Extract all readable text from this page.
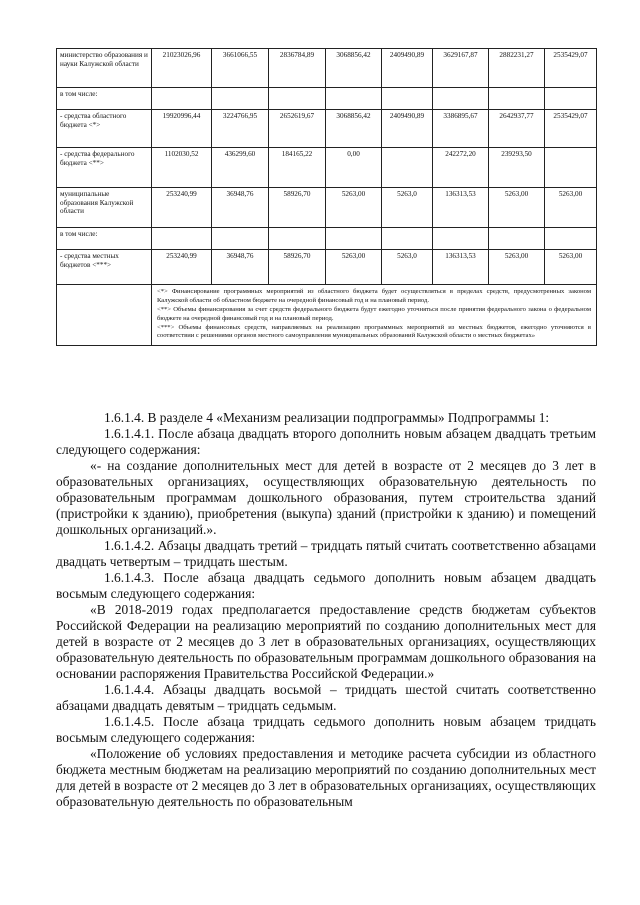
министерство образования и науки Калужской области	21023026,96	3661066,55	2836784,89	3068856,42	2409490,89	3629167,87	2882231,27	2535429,07
в том числе:								
- средства областного бюджета <*>	19920996,44	3224766,95	2652619,67	3068856,42	2409490,89	3386895,67	2642937,77	2535429,07
- средства федерального бюджета <**>	1102030,52	436299,60	184165,22	0,00		242272,20	239293,50	
муниципальные образования Калужской области	253240,99	36948,76	58926,70	5263,00	5263,0	136313,53	5263,00	5263,00
в том числе:								
- средства местных бюджетов <***>	253240,99	36948,76	58926,70	5263,00	5263,0	136313,53	5263,00	5263,00

	<*> Финансирование программных мероприятий из областного бюджета будет осуществляться в пределах средств, предусмотренных законом Калужской области об областном бюджете на очередной финансовый год и на плановый период.
<**> Объемы финансирования за счет средств федерального бюджета будут ежегодно уточняться после принятия федерального закона о федеральном бюджете на очередной финансовый год и на плановый период.
<***> Объемы финансовых средств, направляемых на реализацию программных мероприятий из местных бюджетов, ежегодно уточняются в соответствии с решениями органов местного самоуправления муниципальных образований Калужской области о местных бюджетах»							

1.6.1.4. В разделе 4 «Механизм реализации подпрограммы» Подпрограммы 1:

1.6.1.4.1. После абзаца двадцать второго дополнить новым абзацем двадцать третьим следующего содержания:

«- на создание дополнительных мест для детей в возрасте от 2 месяцев до 3 лет в образовательных организациях, осуществляющих образовательную деятельность по образовательным программам дошкольного образования, путем строительства зданий (пристройки к зданию), приобретения (выкупа) зданий (пристройки к зданию) и помещений дошкольных организаций.».

1.6.1.4.2. Абзацы двадцать третий – тридцать пятый считать соответственно абзацами двадцать четвертым – тридцать шестым.

1.6.1.4.3. После абзаца двадцать седьмого дополнить новым абзацем двадцать восьмым следующего содержания:

«В 2018-2019 годах предполагается предоставление средств бюджетам субъектов Российской Федерации на реализацию мероприятий по созданию дополнительных мест для детей в возрасте от 2 месяцев до 3 лет в образовательных организациях, осуществляющих образовательную деятельность по образовательным программам дошкольного образования на основании распоряжения Правительства Российской Федерации.»

1.6.1.4.4. Абзацы двадцать восьмой – тридцать шестой считать соответственно абзацами двадцать девятым – тридцать седьмым.

1.6.1.4.5. После абзаца тридцать седьмого дополнить новым абзацем тридцать восьмым следующего содержания:

«Положение об условиях предоставления и методике расчета субсидии из областного бюджета местным бюджетам на реализацию мероприятий по созданию дополнительных мест для детей в возрасте от 2 месяцев до 3 лет в образовательных организациях, осуществляющих образовательную деятельность по образовательным
